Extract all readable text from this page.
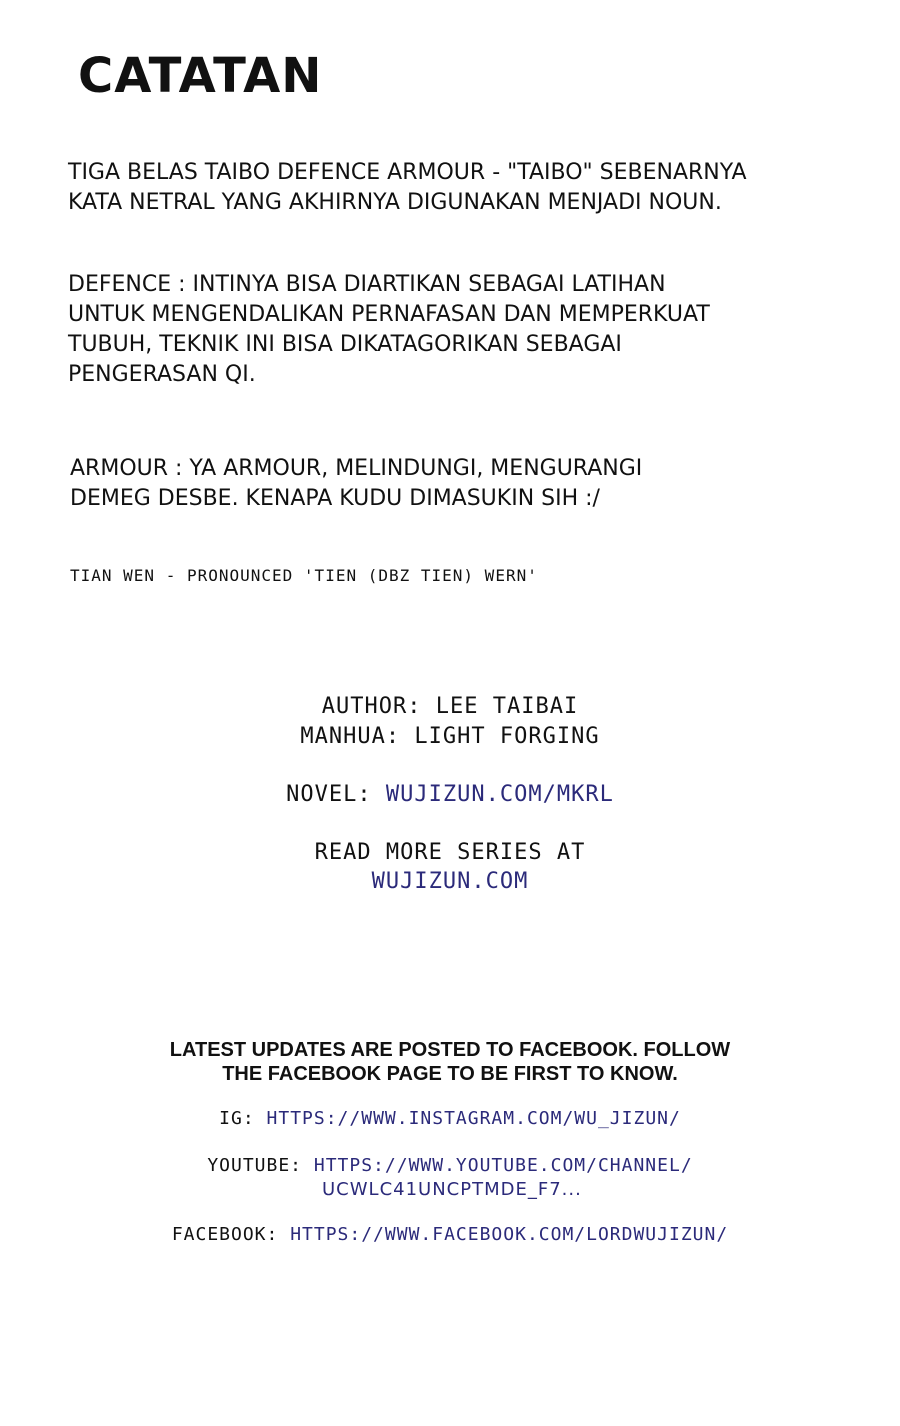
CATATAN

TIGA BELAS TAIBO DEFENCE ARMOUR - "TAIBO" SEBENARNYA
KATA NETRAL YANG AKHIRNYA DIGUNAKAN MENJADI NOUN.

DEFENCE : INTINYA BISA DIARTIKAN SEBAGAI LATIHAN
UNTUK MENGENDALIKAN PERNAFASAN DAN MEMPERKUAT
TUBUH, TEKNIK INI BISA DIKATAGORIKAN SEBAGAI
PENGERASAN QI.

ARMOUR : YA ARMOUR, MELINDUNGI, MENGURANGI
DEMEG DESBE. KENAPA KUDU DIMASUKIN SIH :/

TIAN WEN - PRONOUNCED 'TIEN (DBZ TIEN) WERN'

AUTHOR: LEE TAIBAI
MANHUA: LIGHT FORGING
NOVEL: WUJIZUN.COM/MKRL
READ MORE SERIES AT
WUJIZUN.COM
LATEST UPDATES ARE POSTED TO FACEBOOK. FOLLOW
THE FACEBOOK PAGE TO BE FIRST TO KNOW.
IG: HTTPS://WWW.INSTAGRAM.COM/WU_JIZUN/
YOUTUBE: HTTPS://WWW.YOUTUBE.COM/CHANNEL/
UCWLC41UNCPTMDE_F7...
FACEBOOK: HTTPS://WWW.FACEBOOK.COM/LORDWUJIZUN/
